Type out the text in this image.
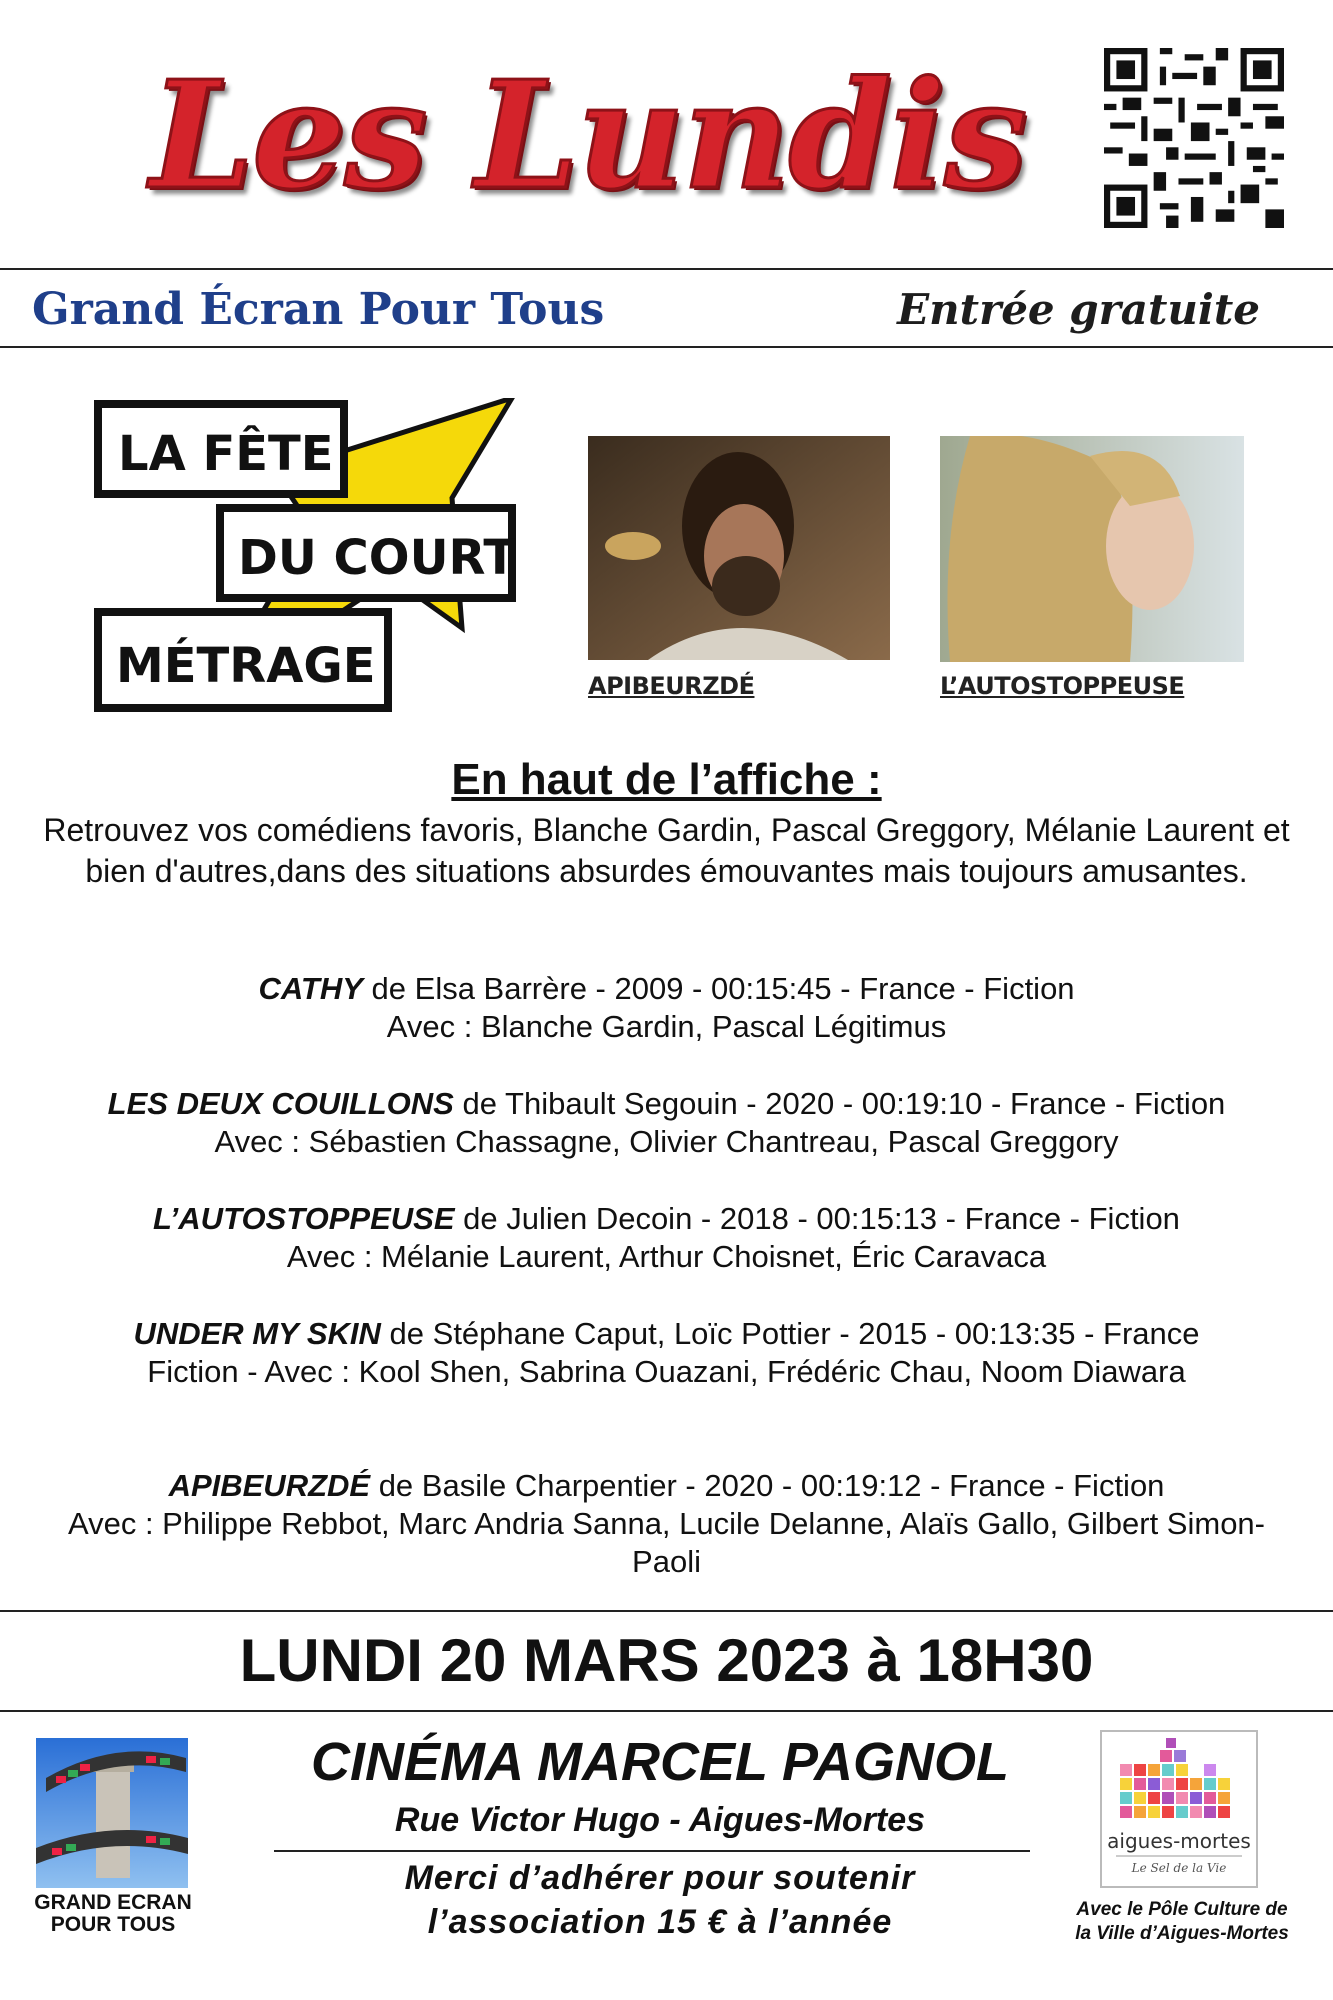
Les Lundis
Grand Écran Pour Tous	Entrée gratuite
LA FÊTE
DU COURT
MÉTRAGE	APIBEURZDÉ	L’AUTOSTOPPEUSE
En haut de l’affiche :
Retrouvez vos comédiens favoris, Blanche Gardin, Pascal Greggory, Mélanie Laurent et bien d'autres,dans des situations absurdes émouvantes mais toujours amusantes.
CATHY de Elsa Barrère - 2009 - 00:15:45 - France - Fiction
Avec : Blanche Gardin, Pascal Légitimus
LES DEUX COUILLONS de Thibault Segouin - 2020 - 00:19:10 - France - Fiction
Avec : Sébastien Chassagne, Olivier Chantreau, Pascal Greggory
L’AUTOSTOPPEUSE de Julien Decoin - 2018 - 00:15:13 - France - Fiction
Avec : Mélanie Laurent, Arthur Choisnet, Éric Caravaca
UNDER MY SKIN de Stéphane Caput, Loïc Pottier - 2015 - 00:13:35 - France
Fiction - Avec : Kool Shen, Sabrina Ouazani, Frédéric Chau, Noom Diawara
APIBEURZDÉ de Basile Charpentier - 2020 - 00:19:12 - France - Fiction
Avec : Philippe Rebbot, Marc Andria Sanna, Lucile Delanne, Alaïs Gallo, Gilbert Simon-Paoli
LUNDI 20 MARS 2023 à 18H30
GRAND ECRAN
POUR TOUS
CINÉMA MARCEL PAGNOL
Rue Victor Hugo - Aigues-Mortes
Merci d’adhérer pour soutenir
l’association 15 € à l’année
aigues-mortes
Le Sel de la Vie
Avec le Pôle Culture de
la Ville d’Aigues-Mortes
